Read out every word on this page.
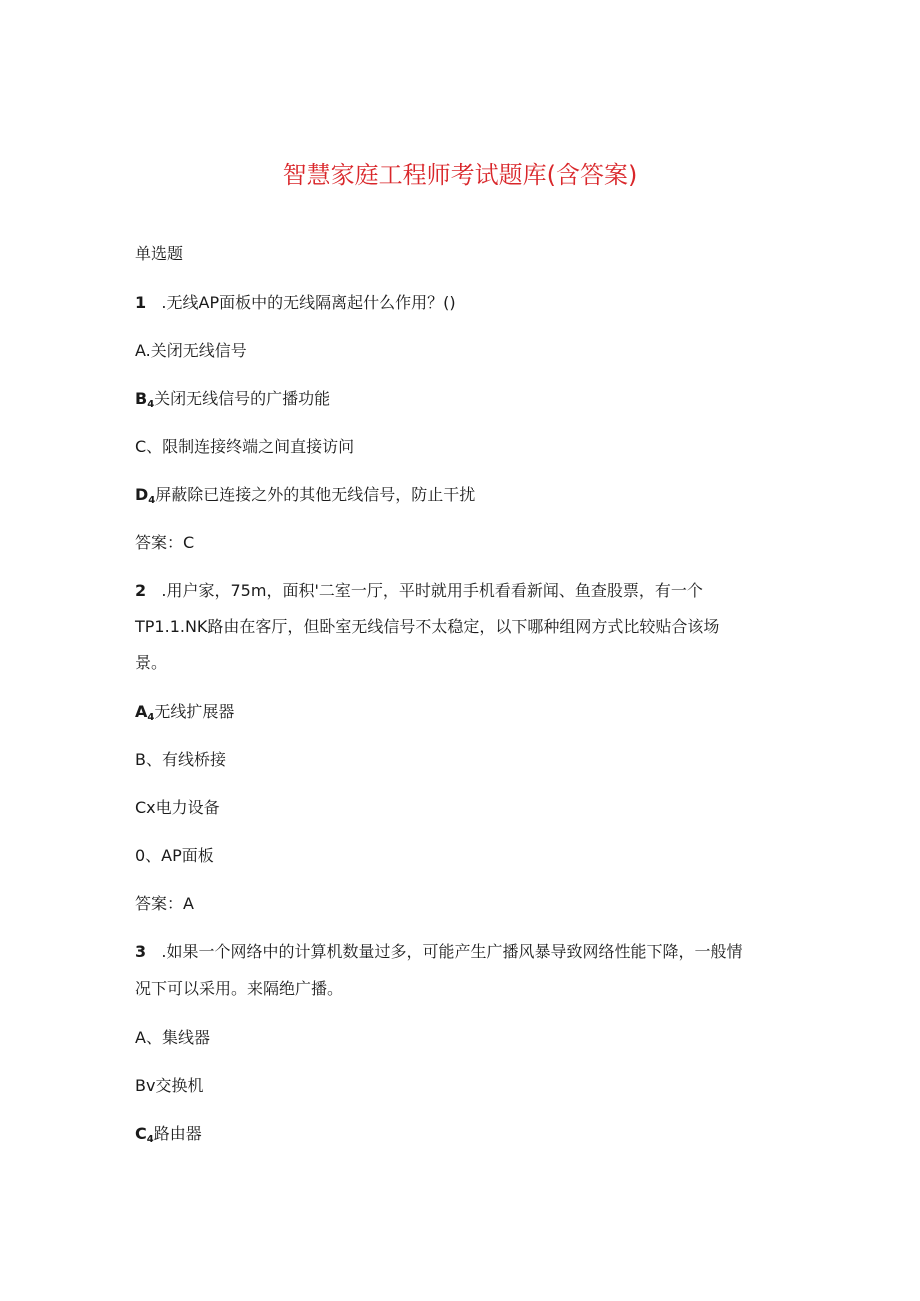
智慧家庭工程师考试题库(含答案)
单选题
1 .无线AP面板中的无线隔离起什么作用？()
A.关闭无线信号
$B_4$关闭无线信号的广播功能
C、限制连接终端之间直接访问
$D_4$屏蔽除已连接之外的其他无线信号，防止干扰
答案：C
2 .用户家，75m，面积'二室一厅，平时就用手机看看新闻、鱼查股票，有一个
TP1.1.NK路由在客厅，但卧室无线信号不太稳定，以下哪种组网方式比较贴合该场
景。
$A_4$无线扩展器
B、有线桥接
Cx电力设备
0、AP面板
答案：A
3 .如果一个网络中的计算机数量过多，可能产生广播风暴导致网络性能下降，一般情
况下可以采用。来隔绝广播。
A、集线器
Bv交换机
$C_4$路由器
